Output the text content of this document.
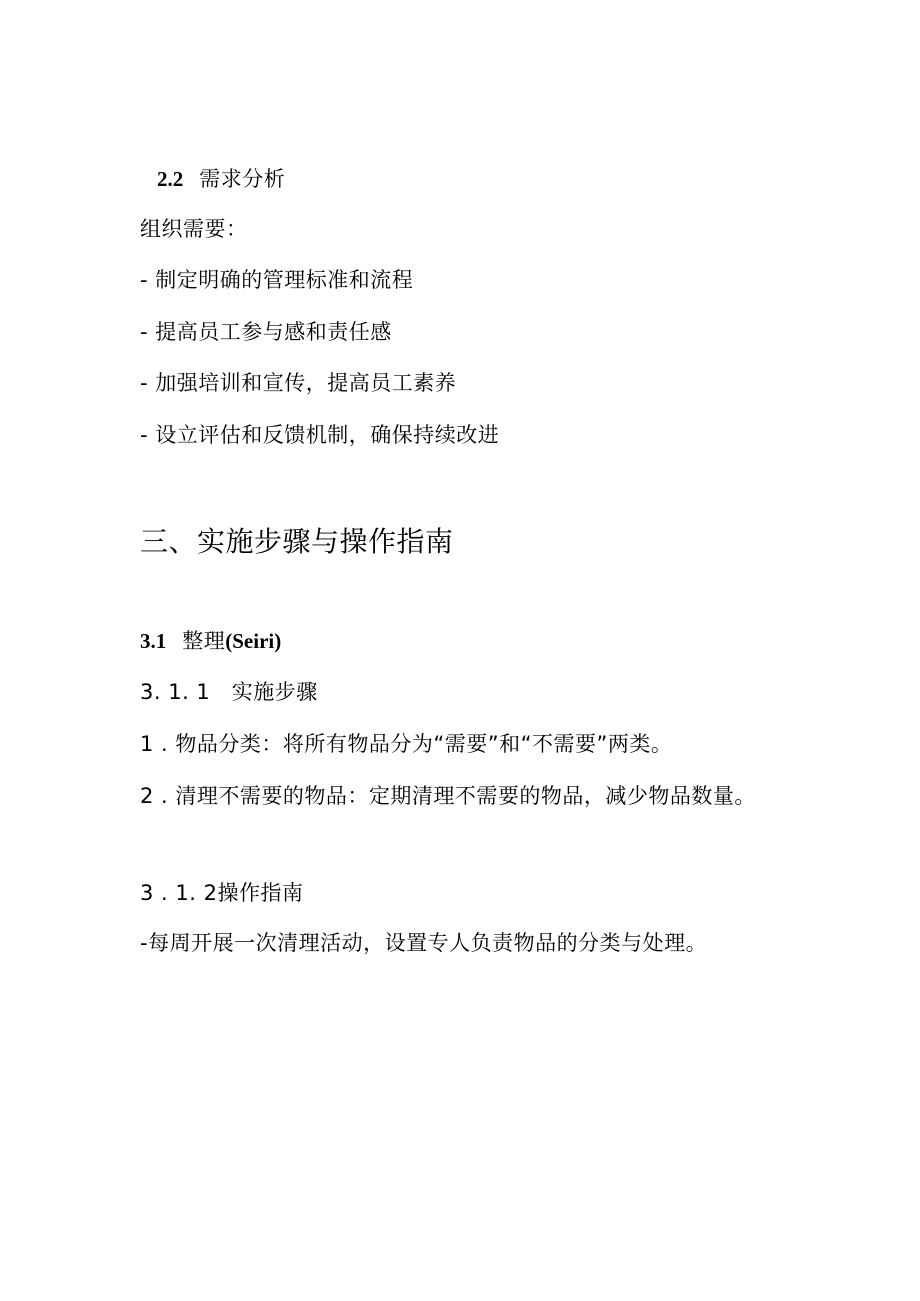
2.2 需求分析
组织需要：
- 制定明确的管理标准和流程
- 提高员工参与感和责任感
- 加强培训和宣传，提高员工素养
- 设立评估和反馈机制，确保持续改进
三、实施步骤与操作指南
3.1 整理(Seiri)
3. 1. 1　实施步骤
1 . 物品分类：将所有物品分为“需要”和“不需要”两类。
2 . 清理不需要的物品：定期清理不需要的物品，减少物品数量。
3 . 1. 2操作指南
-每周开展一次清理活动，设置专人负责物品的分类与处理。
